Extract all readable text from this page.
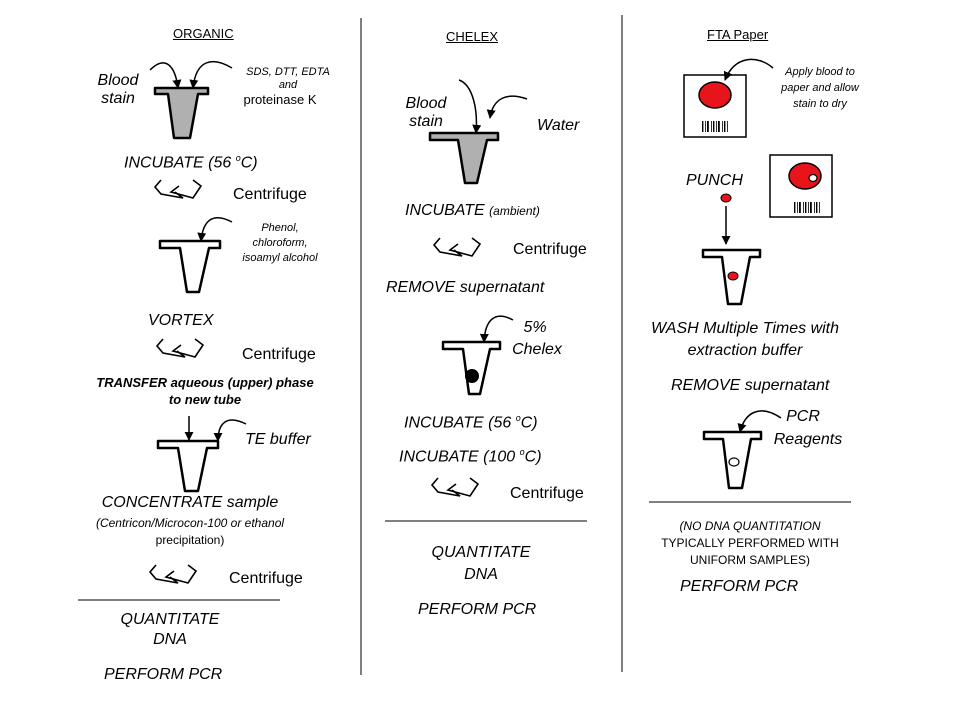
ORGANIC
Blood stain
SDS, DTT, EDTA
and
proteinase K
INCUBATE (56 $^o$C)
Centrifuge
Phenol,
chloroform,
isoamyl alcohol
VORTEX
Centrifuge
TRANSFER aqueous (upper) phase
to new tube
TE buffer
CONCENTRATE sample
(Centricon/Microcon-100 or ethanol
precipitation)
Centrifuge
QUANTITATE
DNA
PERFORM PCR
CHELEX
Blood stain	Water
INCUBATE (ambient)
Centrifuge
REMOVE supernatant
5%
Chelex
INCUBATE (56 $^o$C)
INCUBATE (100 $^o$C)
Centrifuge
QUANTITATE
DNA
PERFORM PCR
FTA Paper
Apply blood to
paper and allow
stain to dry
PUNCH
WASH Multiple Times with
extraction buffer
REMOVE supernatant
PCR
Reagents
(NO DNA QUANTITATION
TYPICALLY PERFORMED WITH
UNIFORM SAMPLES)
PERFORM PCR
